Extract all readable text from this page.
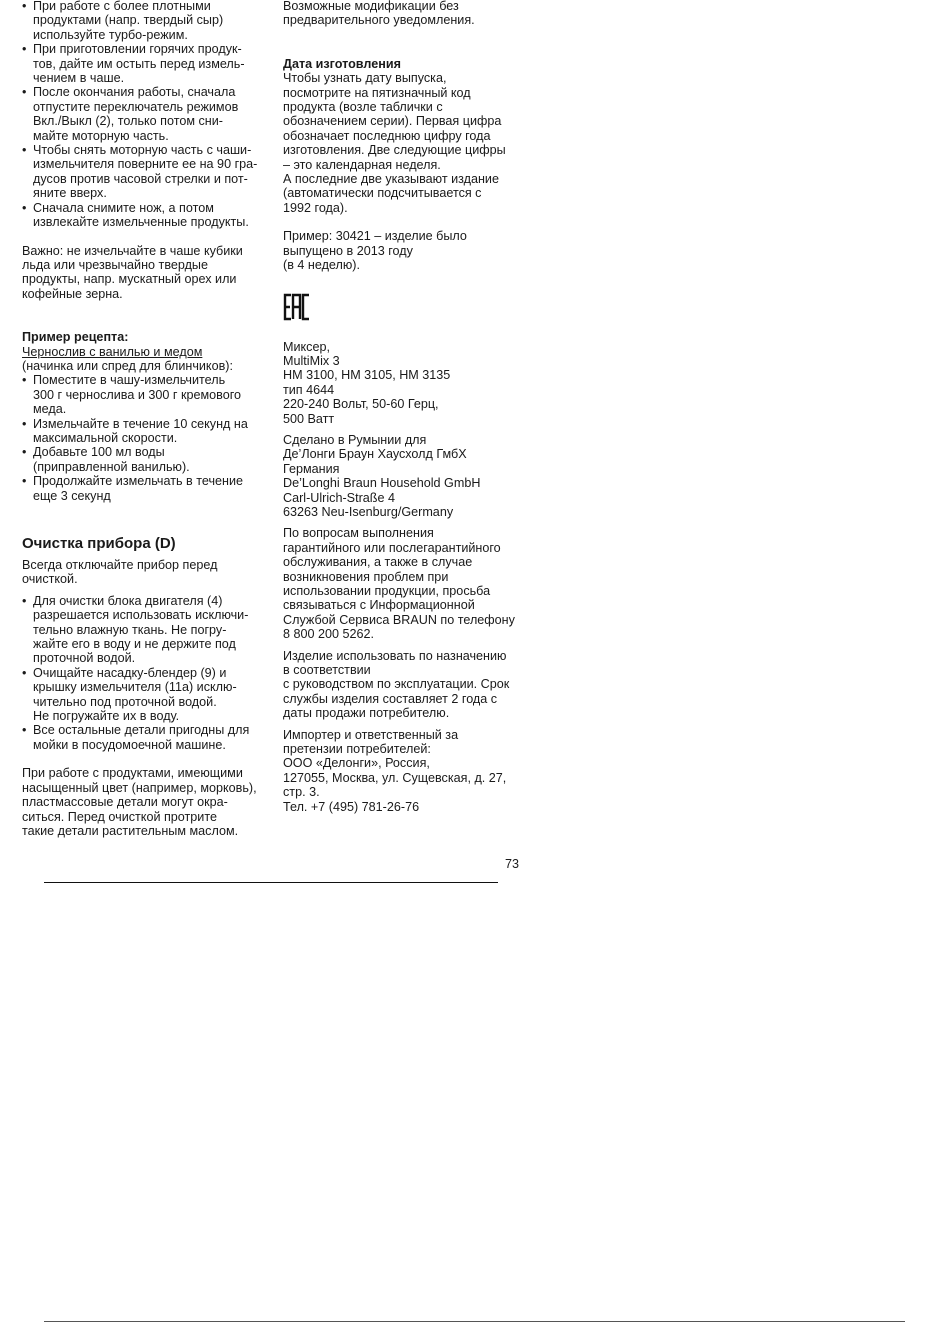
• При работе с более плотными
продуктами (напр. твердый сыр)
используйте турбо-режим.
• При приготовлении горячих продук-
тов, дайте им остыть перед измель-
чением в чаше.
• После окончания работы, сначала
отпустите переключатель режимов
Вкл./Выкл (2), только потом сни-
майте моторную часть.
• Чтобы снять моторную часть с чаши-
измельчителя поверните ее на 90 гра-
дусов против часовой стрелки и пот-
яните вверх.
• Сначала снимите нож, а потом
извлекайте измельченные продукты.

Важно: не изчельчайте в чаше кубики
льда или чрезвычайно твердые
продукты, напр. мускатный орех или
кофейные зерна.

Пример рецепта:

Чернослив с ванилью и медом

(начинка или спред для блинчиков):

• Поместите в чашу-измельчитель
300 г чернослива и 300 г кремового
меда.
• Измельчайте в течение 10 секунд на
максимальной скорости.
• Добавьте 100 мл воды
(приправленной ванилью).
• Продолжайте измельчать в течение
еще 3 секунд
Очистка прибора (D)

Всегда отключайте прибор перед
очисткой.

• Для очистки блока двигателя (4)
разрешается использовать исключи-
тельно влажную ткань. Не погру-
жайте его в воду и не держите под
проточной водой.
• Очищайте насадку-блендер (9) и
крышку измельчителя (11a) исклю-
чительно под проточной водой.
Не погружайте их в воду.
• Все остальные детали пригодны для
мойки в посудомоечной машине.

При работе с продуктами, имеющими
насыщенный цвет (например, морковь),
пластмассовые детали могут окра-
ситься. Перед очисткой протрите
такие детали растительным маслом.

Возможные модификации без
предварительного уведомления.

Дата изготовления

Чтобы узнать дату выпуска,
посмотрите на пятизначный код
продукта (возле таблички с
обозначением серии). Первая цифра
обозначает последнюю цифру года
изготовления. Две следующие цифры
– это календарная неделя.
А последние две указывают издание
(автоматически подсчитывается с
1992 года).

Пример: 30421 – изделие было
выпущено в 2013 году
(в 4 неделю).

Миксер,
MultiMix 3
HM 3100, HM 3105, HM 3135
тип 4644
220-240 Вольт, 50-60 Герц,
500 Ватт

Сделано в Румынии для
Де’Лонги Браун Хаусхолд ГмбХ
Германия
De’Longhi Braun Household GmbH
Carl-Ulrich-Straße 4
63263 Neu-Isenburg/Germany

По вопросам выполнения
гарантийного или послегарантийного
обслуживания, а также в случае
возникновения проблем при
использовании продукции, просьба
связываться с Информационной
Службой Сервиса BRAUN по телефону
8 800 200 5262.

Изделие использовать по назначению
в соответствии
с руководством по эксплуатации. Срок
службы изделия составляет 2 года с
даты продажи потребителю.

Импортер и ответственный за
претензии потребителей:
ООО «Делонги», Россия,
127055, Москва, ул. Сущевская, д. 27,
стр. 3.
Тел. +7 (495) 781-26-76

73
